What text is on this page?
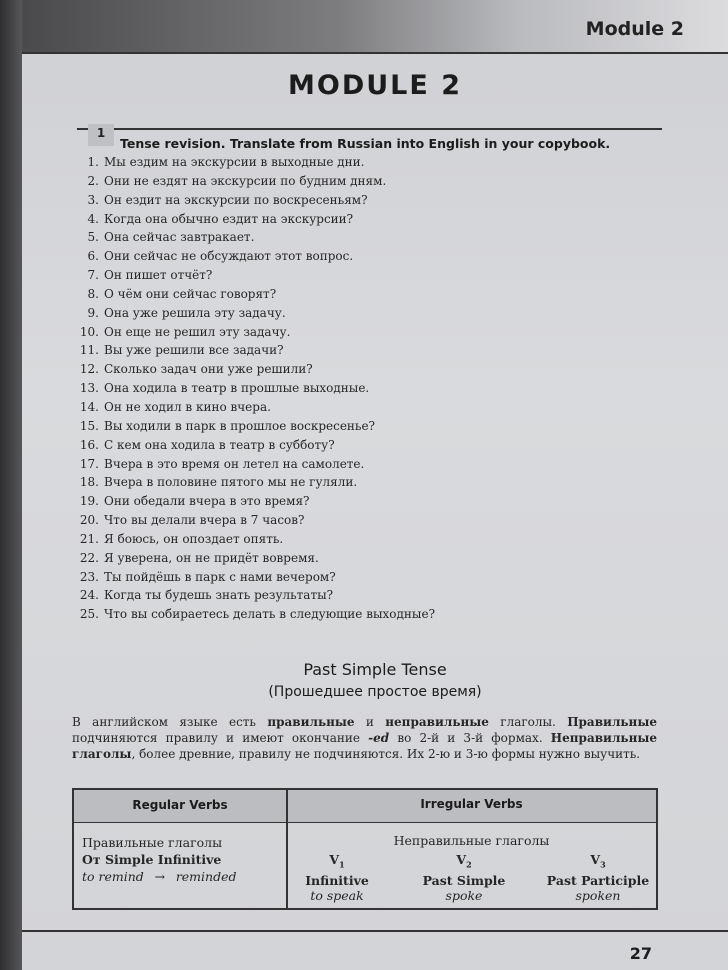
Module 2
MODULE 2
1
Tense revision. Translate from Russian into English in your copybook.
1. Мы ездим на экскурсии в выходные дни.
2. Они не ездят на экскурсии по будним дням.
3. Он ездит на экскурсии по воскресеньям?
4. Когда она обычно ездит на экскурсии?
5. Она сейчас завтракает.
6. Они сейчас не обсуждают этот вопрос.
7. Он пишет отчёт?
8. О чём они сейчас говорят?
9. Она уже решила эту задачу.
10. Он еще не решил эту задачу.
11. Вы уже решили все задачи?
12. Сколько задач они уже решили?
13. Она ходила в театр в прошлые выходные.
14. Он не ходил в кино вчера.
15. Вы ходили в парк в прошлое воскресенье?
16. С кем она ходила в театр в субботу?
17. Вчера в это время он летел на самолете.
18. Вчера в половине пятого мы не гуляли.
19. Они обедали вчера в это время?
20. Что вы делали вчера в 7 часов?
21. Я боюсь, он опоздает опять.
22. Я уверена, он не придёт вовремя.
23. Ты пойдёшь в парк с нами вечером?
24. Когда ты будешь знать результаты?
25. Что вы собираетесь делать в следующие выходные?
Past Simple Tense
(Прошедшее простое время)

В английском языке есть правильные и неправильные глаголы. Правильные подчиняются правилу и имеют окончание -ed во 2-й и 3-й формах. Неправильные глаголы, более древние, правилу не подчиняются. Их 2-ю и 3-ю формы нужно выучить.

Regular Verbs	Irregular Verbs
Правильные глаголы
От Simple Infinitive
to remind → reminded
Неправильные глаголы
$V_1$
Infinitive
to speak
$V_2$
Past Simple
spoke
$V_3$
Past Participle
spoken
27
